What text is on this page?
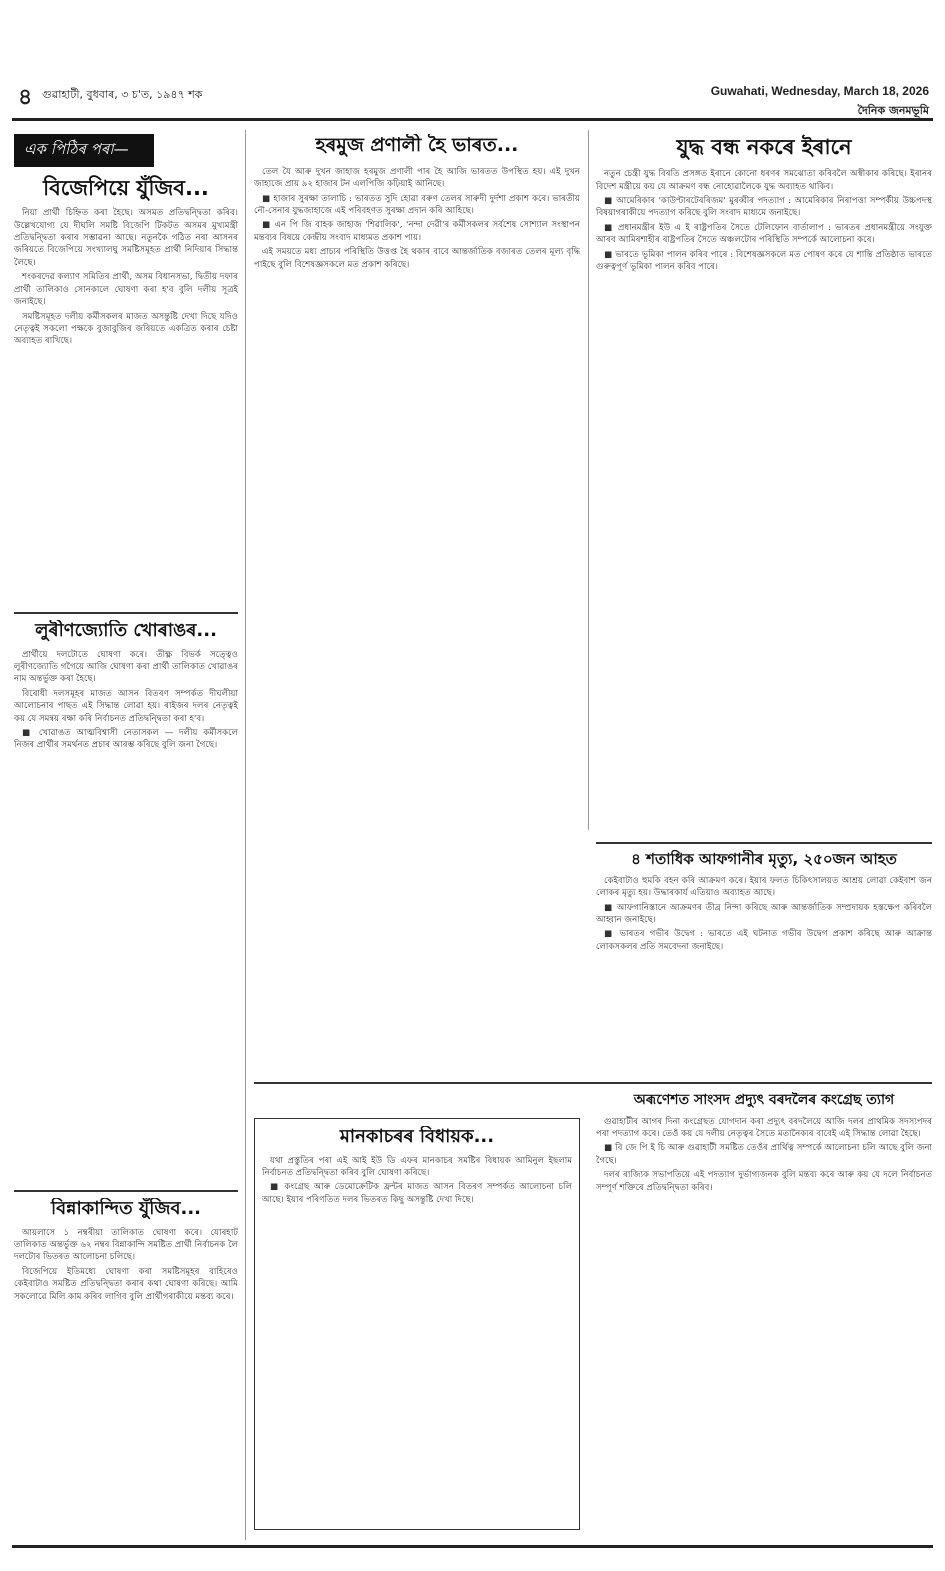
৪ গুৱাহাটী, বুধবাৰ, ৩ চ'ত, ১৯৪৭ শক	Guwahati, Wednesday, March 18, 2026
দৈনিক জনমভূমি
এক পিঠিৰ পৰা—
বিজেপিয়ে যুঁজিব...

নিয়া প্ৰাৰ্থী চিহ্নিত কৰা হৈছে। অসমত প্ৰতিদ্বন্দ্বিতা কৰিব। উল্লেখযোগ্য যে দীঘলি সমষ্টি বিজেপি টিকটত অসমৰ মুখ্যমন্ত্ৰী প্ৰতিদ্বন্দ্বিতা কৰাৰ সম্ভাৱনা আছে। নতুনকৈ গঠিত নৰা আসনৰ জৰিয়তে বিজেপিয়ে সংখ্যালঘু সমষ্টিসমূহত প্ৰাৰ্থী নিদিয়াৰ সিদ্ধান্ত লৈছে।

শংকৰদেৱ কল্যাণ সমিতিৰ প্ৰাৰ্থী, অসম বিধানসভা, দ্বিতীয় দফাৰ প্ৰাৰ্থী তালিকাও সোনকালে ঘোষণা কৰা হ'ব বুলি দলীয় সূত্ৰই জনাইছে।

সমষ্টিসমূহত দলীয় কৰ্মীসকলৰ মাজত অসন্তুষ্টি দেখা দিছে যদিও নেতৃত্বই সকলো পক্ষকে বুজাবুজিৰ জৰিয়তে একত্ৰিত কৰাৰ চেষ্টা অব্যাহত ৰাখিছে।

লুৰীণজ্যোতি খোৰাঙৰ...

প্ৰাৰ্থীয়ে দলটোতে ঘোষণা কৰে। তীক্ষ্ণ বিভৰ্ক সত্ত্বেও লুৰীণজ্যোতি গগৈয়ে আজি ঘোষণা কৰা প্ৰাৰ্থী তালিকাত খোৱাঙৰ নাম অন্তৰ্ভুক্ত কৰা হৈছে।

বিৰোধী দলসমূহৰ মাজত আসন বিতৰণ সম্পৰ্কত দীঘলীয়া আলোচনাৰ পাছত এই সিদ্ধান্ত লোৱা হয়। ৰাইজৰ দলৰ নেতৃত্বই কয় যে সমন্বয় ৰক্ষা কৰি নিৰ্বাচনত প্ৰতিদ্বন্দ্বিতা কৰা হ'ব।

■ খোৱাঙত আত্মবিশ্বাসী নেতাসকল — দলীয় কৰ্মীসকলে নিজৰ প্ৰাৰ্থীৰ সমৰ্থনত প্ৰচাৰ আৰম্ভ কৰিছে বুলি জনা গৈছে।

বিন্নাকান্দিত যুঁজিব...

আয়লাসে ১ নম্বৰীয়া তালিকাত ঘোষণা কৰে। যোৰহাট তালিকাত অন্তৰ্ভুক্ত ৬২ নম্বৰ বিন্নাকান্দি সমষ্টিত প্ৰাৰ্থী নিৰ্বাচনক লৈ দলটোৰ ভিতৰত আলোচনা চলিছে।

বিজেপিয়ে ইতিমধ্যে ঘোষণা কৰা সমষ্টিসমূহৰ বাহিৰেও কেইবাটাও সমষ্টিত প্ৰতিদ্বন্দ্বিতা কৰাৰ কথা ঘোষণা কৰিছে। আমি সকলোৱে মিলি কাম কৰিব লাগিব বুলি প্ৰাৰ্থীগৰাকীয়ে মন্তব্য কৰে।

হৰমুজ প্ৰণালী হৈ ভাৰত...

তেল যৈ আৰু দুখন জাহাজ হৰমুজ প্ৰণালী পাৰ হৈ আজি ভাৰতত উপস্থিত হয়। এই দুখন জাহাজে প্ৰায় ৯২ হাজাৰ টন এলপিজি কঢ়িয়াই আনিছে।

■ হাজাৰ সুৰক্ষা তালাচি : ভাৰতত সুদি হোৱা বৰুণ তেলৰ সাৰুদী দুৰ্দশা প্ৰকাশ কৰে। ভাৰতীয় নৌ-সেনাৰ যুদ্ধজাহাজে এই পৰিবহণত সুৰক্ষা প্ৰদান কৰি আহিছে।

■ এন পি জি বাহক জাহাজ 'শিৱালিক', 'নন্দা দেৱী'ৰ কৰ্মীসকলৰ সৰ্বশেষ সোশ্যাল সংস্থাপন মন্তব্যৰ বিষয়ে কেন্দ্ৰীয় সংবাদ মাধ্যমত প্ৰকাশ পায়।

এই সময়তে মধ্য প্ৰাচ্যৰ পৰিস্থিতি উত্তপ্ত হৈ থকাৰ বাবে আন্তৰ্জাতিক বজাৰত তেলৰ মূল্য বৃদ্ধি পাইছে বুলি বিশেষজ্ঞসকলে মত প্ৰকাশ কৰিছে।

মানকাচৰৰ বিধায়ক...

যথা প্ৰস্তুতিৰ পৰা এই আই ইউ ডি এফৰ মানকাচৰ সমষ্টিৰ বিধায়ক আমিনুল ইছলাম নিৰ্বাচনত প্ৰতিদ্বন্দ্বিতা কৰিব বুলি ঘোষণা কৰিছে।

■ কংগ্ৰেছ আৰু ডেমোক্ৰেটিক ফ্ৰন্টৰ মাজত আসন বিতৰণ সম্পৰ্কত আলোচনা চলি আছে। ইয়াৰ পৰিণতিত দলৰ ভিতৰত কিছু অসন্তুষ্টি দেখা দিছে।

যুদ্ধ বন্ধ নকৰে ইৰানে

নতুন চেন্ত্ৰী যুদ্ধ বিৰতি প্ৰসঙ্গত ইৰানে কোনো ধৰণৰ সমঝোতা কৰিবলৈ অস্বীকাৰ কৰিছে। ইৰানৰ বিদেশ মন্ত্ৰীয়ে কয় যে আক্ৰমণ বন্ধ নোহোৱালৈকে যুদ্ধ অব্যাহত থাকিব।

■ আমেৰিকাৰ 'কাউণ্টাৰটেৰৰিজম' মুৰব্বীৰ পদত্যাগ : আমেৰিকাৰ নিৰাপত্তা সম্পৰ্কীয় উচ্চপদস্থ বিষয়াগৰাকীয়ে পদত্যাগ কৰিছে বুলি সংবাদ মাধ্যমে জনাইছে।

■ প্ৰধানমন্ত্ৰীৰ ইউ এ ই ৰাষ্ট্ৰপতিৰ সৈতে টেলিফোন বাৰ্তালাপ : ভাৰতৰ প্ৰধানমন্ত্ৰীয়ে সংযুক্ত আৰব আমিৰশাহীৰ ৰাষ্ট্ৰপতিৰ সৈতে অঞ্চলটোৰ পৰিস্থিতি সম্পৰ্কে আলোচনা কৰে।

■ ভাৰতে ভূমিকা পালন কৰিব পাৰে : বিশেষজ্ঞসকলে মত পোষণ কৰে যে শান্তি প্ৰতিষ্ঠাত ভাৰতে গুৰুত্বপূৰ্ণ ভূমিকা পালন কৰিব পাৰে।

৪ শতাধিক আফগানীৰ মৃত্যু, ২৫০জন আহত

কেইবাটাও হুমকি বহন কৰি আক্ৰমণ কৰে। ইয়াৰ ফলত চিকিৎসালয়ত আশ্ৰয় লোৱা কেইবাশ জন লোকৰ মৃত্যু হয়। উদ্ধাৰকাৰ্য এতিয়াও অব্যাহত আছে।

■ আফগানিস্তানে আক্ৰমণৰ তীব্ৰ নিন্দা কৰিছে আৰু আন্তৰ্জাতিক সম্প্ৰদায়ক হস্তক্ষেপ কৰিবলৈ আহ্বান জনাইছে।

■ ভাৰতৰ গভীৰ উদ্বেগ : ভাৰতে এই ঘটনাত গভীৰ উদ্বেগ প্ৰকাশ কৰিছে আৰু আক্ৰান্ত লোকসকলৰ প্ৰতি সমবেদনা জনাইছে।

অৰূণেশত সাংসদ প্ৰদ্যুৎ বৰদলৈৰ কংগ্ৰেছ ত্যাগ

গুৱাহাটীৰ আগৰ দিনা কংগ্ৰেছত যোগদান কৰা প্ৰদ্যুৎ বৰদলৈয়ে আজি দলৰ প্ৰাথমিক সদস্যপদৰ পৰা পদত্যাগ কৰে। তেওঁ কয় যে দলীয় নেতৃত্বৰ সৈতে মতানৈক্যৰ বাবেই এই সিদ্ধান্ত লোৱা হৈছে।

■ বি জে পি ই চি আৰু গুৱাহাটী সমষ্টিত তেওঁৰ প্ৰাৰ্থিত্ব সম্পৰ্কে আলোচনা চলি আছে বুলি জনা গৈছে।

দলৰ ৰাজ্যিক সভাপতিয়ে এই পদত্যাগ দুৰ্ভাগ্যজনক বুলি মন্তব্য কৰে আৰু কয় যে দলে নিৰ্বাচনত সম্পূৰ্ণ শক্তিৰে প্ৰতিদ্বন্দ্বিতা কৰিব।
